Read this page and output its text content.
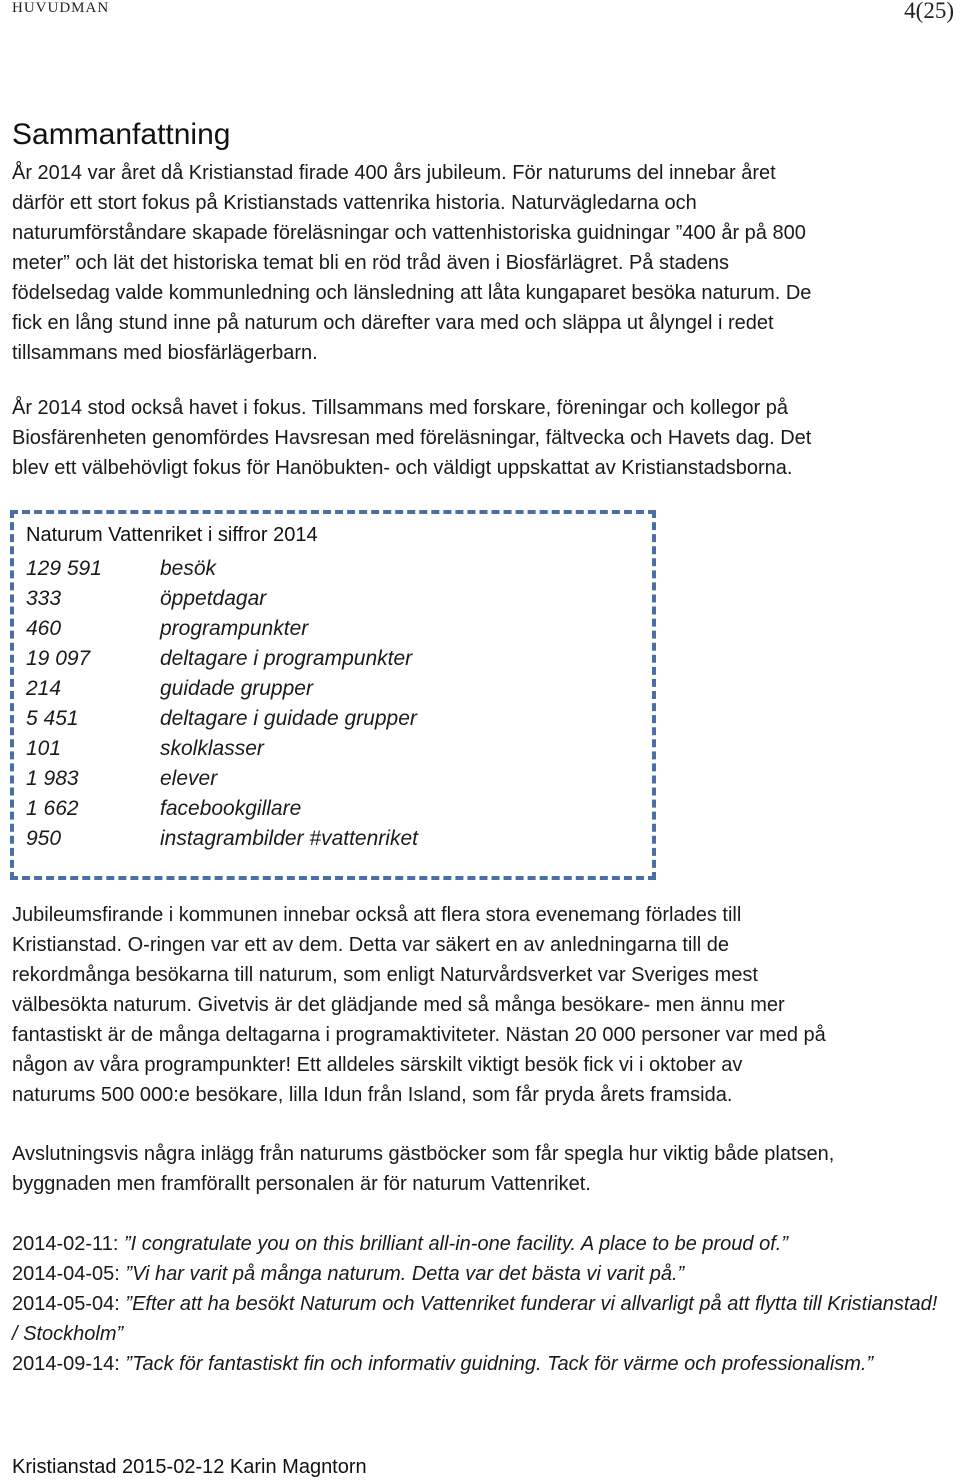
HUVUDMAN	4(25)
Sammanfattning

År 2014 var året då Kristianstad firade 400 års jubileum. För naturums del innebar året
därför ett stort fokus på Kristianstads vattenrika historia. Naturvägledarna och
naturumförståndare skapade föreläsningar och vattenhistoriska guidningar ”400 år på 800
meter” och lät det historiska temat bli en röd tråd även i Biosfärlägret. På stadens
födelsedag valde kommunledning och länsledning att låta kungaparet besöka naturum. De
fick en lång stund inne på naturum och därefter vara med och släppa ut ålyngel i redet
tillsammans med biosfärlägerbarn.

År 2014 stod också havet i fokus. Tillsammans med forskare, föreningar och kollegor på
Biosfärenheten genomfördes Havsresan med föreläsningar, fältvecka och Havets dag. Det
blev ett välbehövligt fokus för Hanöbukten- och väldigt uppskattat av Kristianstadsborna.

Naturum Vattenriket i siffror 2014
129 591	besök
333	öppetdagar
460	programpunkter
19 097	deltagare i programpunkter
214	guidade grupper
5 451	deltagare i guidade grupper
101	skolklasser
1 983	elever
1 662	facebookgillare
950	instagrambilder #vattenriket

Jubileumsfirande i kommunen innebar också att flera stora evenemang förlades till
Kristianstad. O-ringen var ett av dem. Detta var säkert en av anledningarna till de
rekordmånga besökarna till naturum, som enligt Naturvårdsverket var Sveriges mest
välbesökta naturum. Givetvis är det glädjande med så många besökare- men ännu mer
fantastiskt är de många deltagarna i programaktiviteter. Nästan 20 000 personer var med på
någon av våra programpunkter! Ett alldeles särskilt viktigt besök fick vi i oktober av
naturums 500 000:e besökare, lilla Idun från Island, som får pryda årets framsida.

Avslutningsvis några inlägg från naturums gästböcker som får spegla hur viktig både platsen,
byggnaden men framförallt personalen är för naturum Vattenriket.

2014-02-11: ”I congratulate you on this brilliant all-in-one facility. A place to be proud of.”
2014-04-05: ”Vi har varit på många naturum. Detta var det bästa vi varit på.”
2014-05-04: ”Efter att ha besökt Naturum och Vattenriket funderar vi allvarligt på att flytta till Kristianstad! / Stockholm”
2014-09-14: ”Tack för fantastiskt fin och informativ guidning. Tack för värme och professionalism.”
Kristianstad 2015-02-12 Karin Magntorn
